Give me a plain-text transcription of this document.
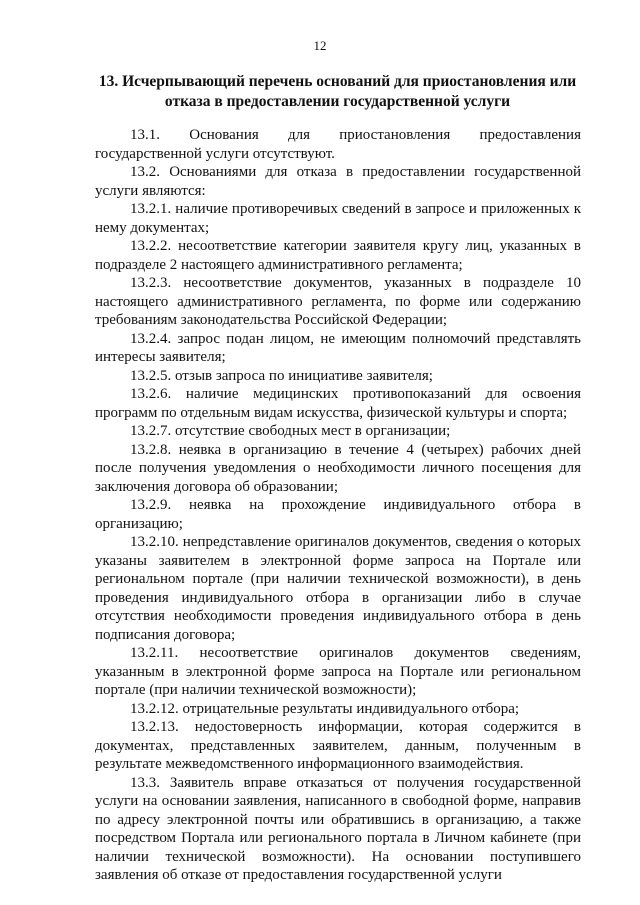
12
13. Исчерпывающий перечень оснований для приостановления или
отказа в предоставлении государственной услуги

13.1. Основания для приостановления предоставления государственной услуги отсутствуют.

13.2. Основаниями для отказа в предоставлении государственной услуги являются:

13.2.1. наличие противоречивых сведений в запросе и приложенных к нему документах;

13.2.2. несоответствие категории заявителя кругу лиц, указанных в подразделе 2 настоящего административного регламента;

13.2.3. несоответствие документов, указанных в подразделе 10 настоящего административного регламента, по форме или содержанию требованиям законодательства Российской Федерации;

13.2.4. запрос подан лицом, не имеющим полномочий представлять интересы заявителя;

13.2.5. отзыв запроса по инициативе заявителя;

13.2.6. наличие медицинских противопоказаний для освоения программ по отдельным видам искусства, физической культуры и спорта;

13.2.7. отсутствие свободных мест в организации;

13.2.8. неявка в организацию в течение 4 (четырех) рабочих дней после получения уведомления о необходимости личного посещения для заключения договора об образовании;

13.2.9. неявка на прохождение индивидуального отбора в организацию;

13.2.10. непредставление оригиналов документов, сведения о которых указаны заявителем в электронной форме запроса на Портале или региональном портале (при наличии технической возможности), в день проведения индивидуального отбора в организации либо в случае отсутствия необходимости проведения индивидуального отбора в день подписания договора;

13.2.11. несоответствие оригиналов документов сведениям, указанным в электронной форме запроса на Портале или региональном портале (при наличии технической возможности);

13.2.12. отрицательные результаты индивидуального отбора;

13.2.13. недостоверность информации, которая содержится в документах, представленных заявителем, данным, полученным в результате межведомственного информационного взаимодействия.

13.3. Заявитель вправе отказаться от получения государственной услуги на основании заявления, написанного в свободной форме, направив по адресу электронной почты или обратившись в организацию, а также посредством Портала или регионального портала в Личном кабинете (при наличии технической возможности). На основании поступившего заявления об отказе от предоставления государственной услуги
